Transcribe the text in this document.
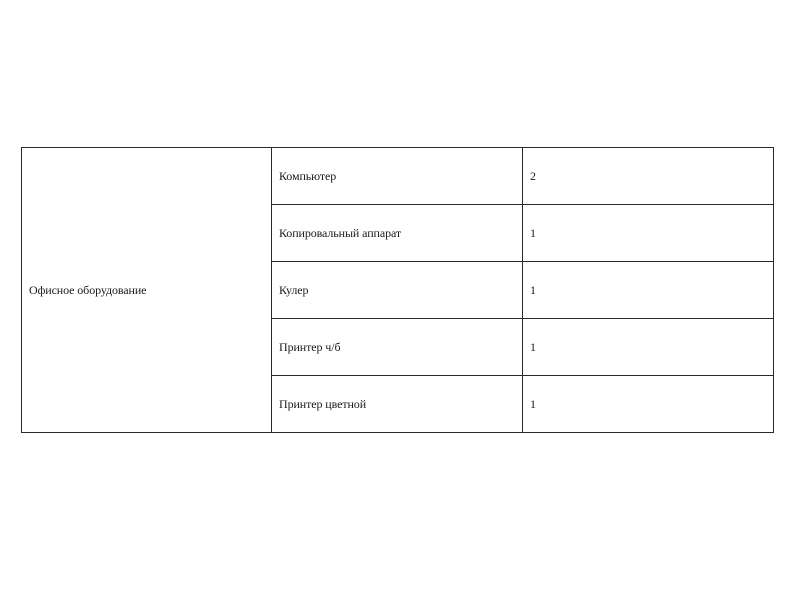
Офисное оборудование	Компьютер	2
	Копировальный аппарат	1
	Кулер	1
	Принтер ч/б	1
	Принтер цветной	1
